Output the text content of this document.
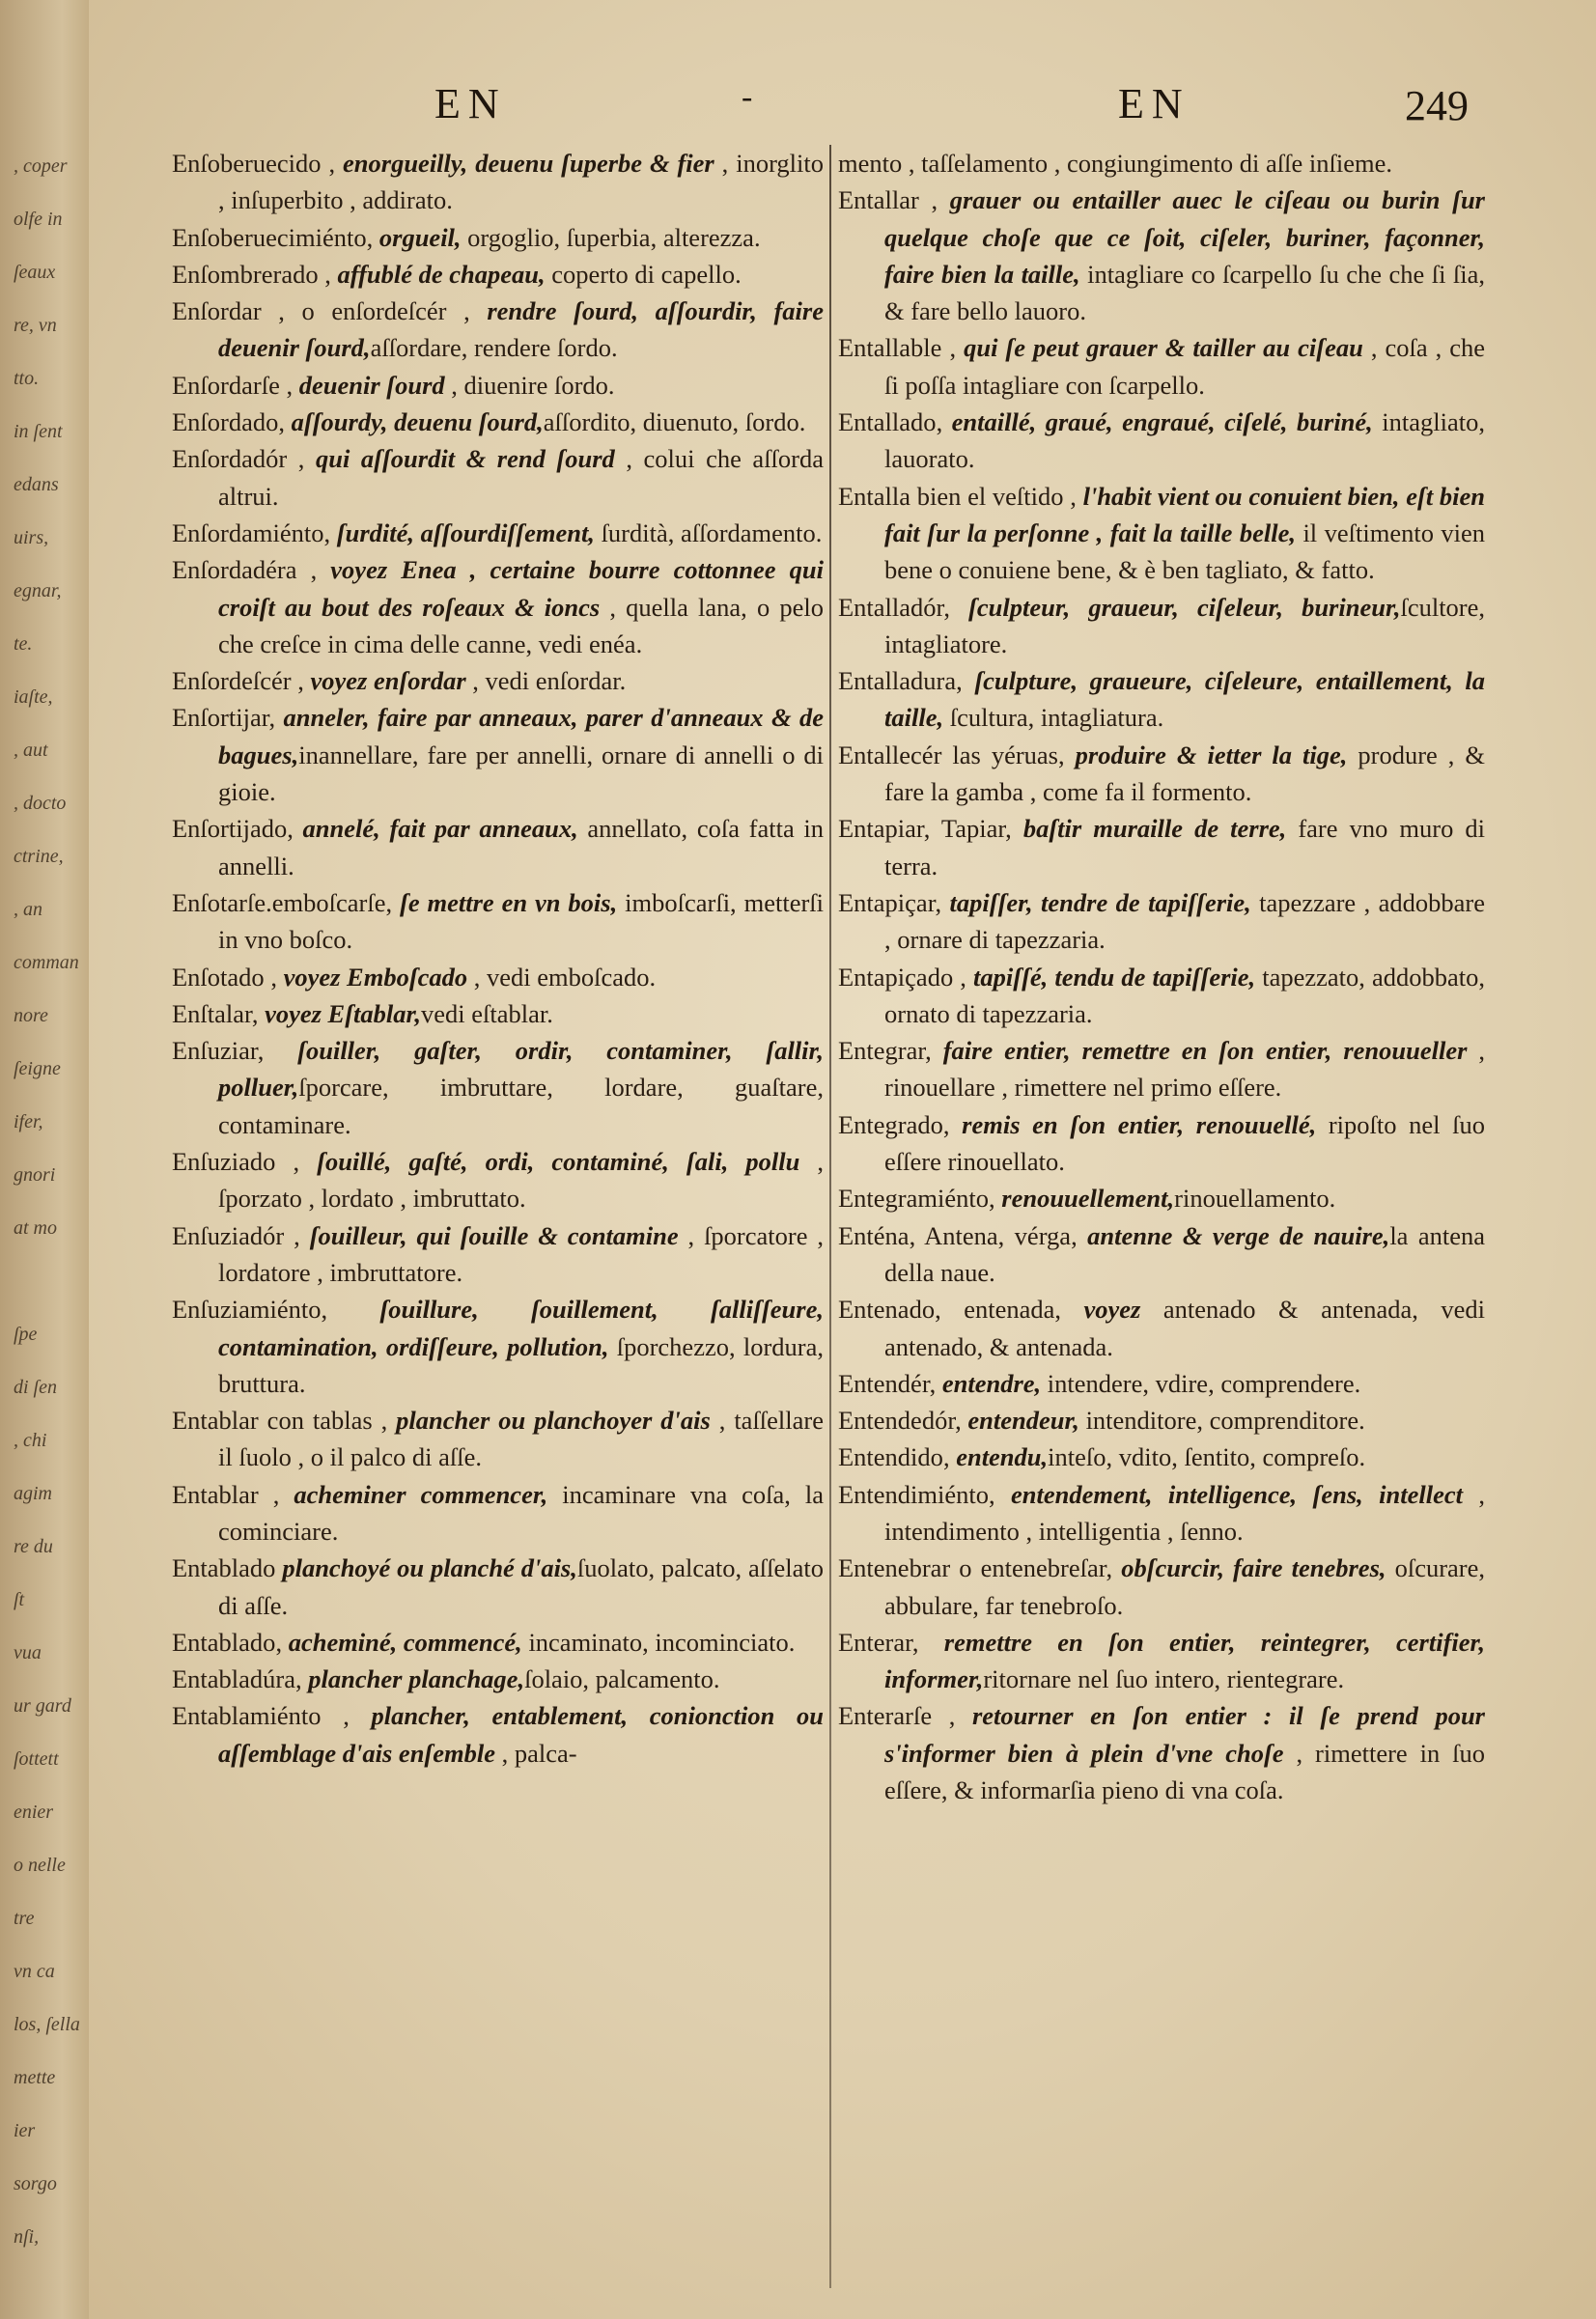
, coper
olfe in
ſeaux
re, vn
tto.
in ſent
edans
uirs,
egnar,
te.
iaſte,
, aut
, docto
ctrine,
, an
comman
nore
ſeigne
ifer,
gnori
at mo
ſpe
di ſen
, chi
agim
re du
ſt
vua
ur gard
ſottett
enier
o nelle
tre
vn ca
los, ſella
mette
ier
sorgo
nſi,
EN	-	EN	249

Enſoberuecido , enorgueilly, deuenu ſuperbe & fier , inorglito , inſuperbito , addirato.

Enſoberuecimiénto, orgueil, orgoglio, ſuperbia, alterezza.

Enſombrerado , affublé de chapeau, coperto di capello.

Enſordar , o enſordeſcér , rendre ſourd, aſſourdir, faire deuenir ſourd,aſſordare, rendere ſordo.

Enſordarſe , deuenir ſourd , diuenire ſordo.

Enſordado, aſſourdy, deuenu ſourd,aſſordito, diuenuto, ſordo.

Enſordadór , qui aſſourdit & rend ſourd , colui che aſſorda altrui.

Enſordamiénto, ſurdité, aſſourdiſſement, ſurdità, aſſordamento.

Enſordadéra , voyez Enea , certaine bourre cottonnee qui croiſt au bout des roſeaux & ioncs , quella lana, o pelo che creſce in cima delle canne, vedi enéa.

Enſordeſcér , voyez enſordar , vedi enſordar.

Enſortijar, anneler, faire par anneaux, parer d'anneaux & de bagues,inannellare, fare per annelli, ornare di annelli o di gioie.

Enſortijado, annelé, fait par anneaux, annellato, coſa fatta in annelli.

Enſotarſe.emboſcarſe, ſe mettre en vn bois, imboſcarſi, metterſi in vno boſco.

Enſotado , voyez Emboſcado , vedi emboſcado.

Enſtalar, voyez Eſtablar,vedi eſtablar.

Enſuziar, ſouiller, gaſter, ordir, contaminer, ſallir, polluer,ſporcare, imbruttare, lordare, guaſtare, contaminare.

Enſuziado , ſouillé, gaſté, ordi, contaminé, ſali, pollu , ſporzato , lordato , imbruttato.

Enſuziadór , ſouilleur, qui ſouille & contamine , ſporcatore , lordatore , imbruttatore.

Enſuziamiénto, ſouillure, ſouillement, ſalliſſeure, contamination, ordiſſeure, pollution, ſporchezzo, lordura, bruttura.

Entablar con tablas , plancher ou planchoyer d'ais , taſſellare il ſuolo , o il palco di aſſe.

Entablar , acheminer commencer, incaminare vna coſa, la cominciare.

Entablado planchoyé ou planché d'ais,ſuolato, palcato, aſſelato di aſſe.

Entablado, acheminé, commencé, incaminato, incominciato.

Entabladúra, plancher planchage,ſolaio, palcamento.

Entablamiénto , plancher, entablement, conionction ou aſſemblage d'ais enſemble , palca-

mento , taſſelamento , congiungimento di aſſe inſieme.

Entallar , grauer ou entailler auec le ciſeau ou burin ſur quelque choſe que ce ſoit, ciſeler, buriner, façonner, faire bien la taille, intagliare co ſcarpello ſu che che ſi ſia, & fare bello lauoro.

Entallable , qui ſe peut grauer & tailler au ciſeau , coſa , che ſi poſſa intagliare con ſcarpello.

Entallado, entaillé, graué, engraué, ciſelé, buriné, intagliato, lauorato.

Entalla bien el veſtido , l'habit vient ou conuient bien, eſt bien fait ſur la perſonne , fait la taille belle, il veſtimento vien bene o conuiene bene, & è ben tagliato, & fatto.

Entalladór, ſculpteur, graueur, ciſeleur, burineur,ſcultore, intagliatore.

Entalladura, ſculpture, graueure, ciſeleure, entaillement, la taille, ſcultura, intagliatura.

Entallecér las yéruas, produire & ietter la tige, produre , & fare la gamba , come fa il formento.

Entapiar, Tapiar, baſtir muraille de terre, fare vno muro di terra.

Entapiçar, tapiſſer, tendre de tapiſſerie, tapezzare , addobbare , ornare di tapezzaria.

Entapiçado , tapiſſé, tendu de tapiſſerie, tapezzato, addobbato, ornato di tapezzaria.

Entegrar, faire entier, remettre en ſon entier, renouueller , rinouellare , rimettere nel primo eſſere.

Entegrado, remis en ſon entier, renouuellé, ripoſto nel ſuo eſſere rinouellato.

Entegramiénto, renouuellement,rinouellamento.

Enténa, Antena, vérga, antenne & verge de nauire,la antena della naue.

Entenado, entenada, voyez antenado & antenada, vedi antenado, & antenada.

Entendér, entendre, intendere, vdire, comprendere.

Entendedór, entendeur, intenditore, comprenditore.

Entendido, entendu,inteſo, vdito, ſentito, compreſo.

Entendimiénto, entendement, intelligence, ſens, intellect , intendimento , intelligentia , ſenno.

Entenebrar o entenebreſar, obſcurcir, faire tenebres, oſcurare, abbulare, far tenebroſo.

Enterar, remettre en ſon entier, reintegrer, certifier, informer,ritornare nel ſuo intero, rientegrare.

Enterarſe , retourner en ſon entier : il ſe prend pour s'informer bien à plein d'vne choſe , rimettere in ſuo eſſere, & informarſia pieno di vna coſa.
